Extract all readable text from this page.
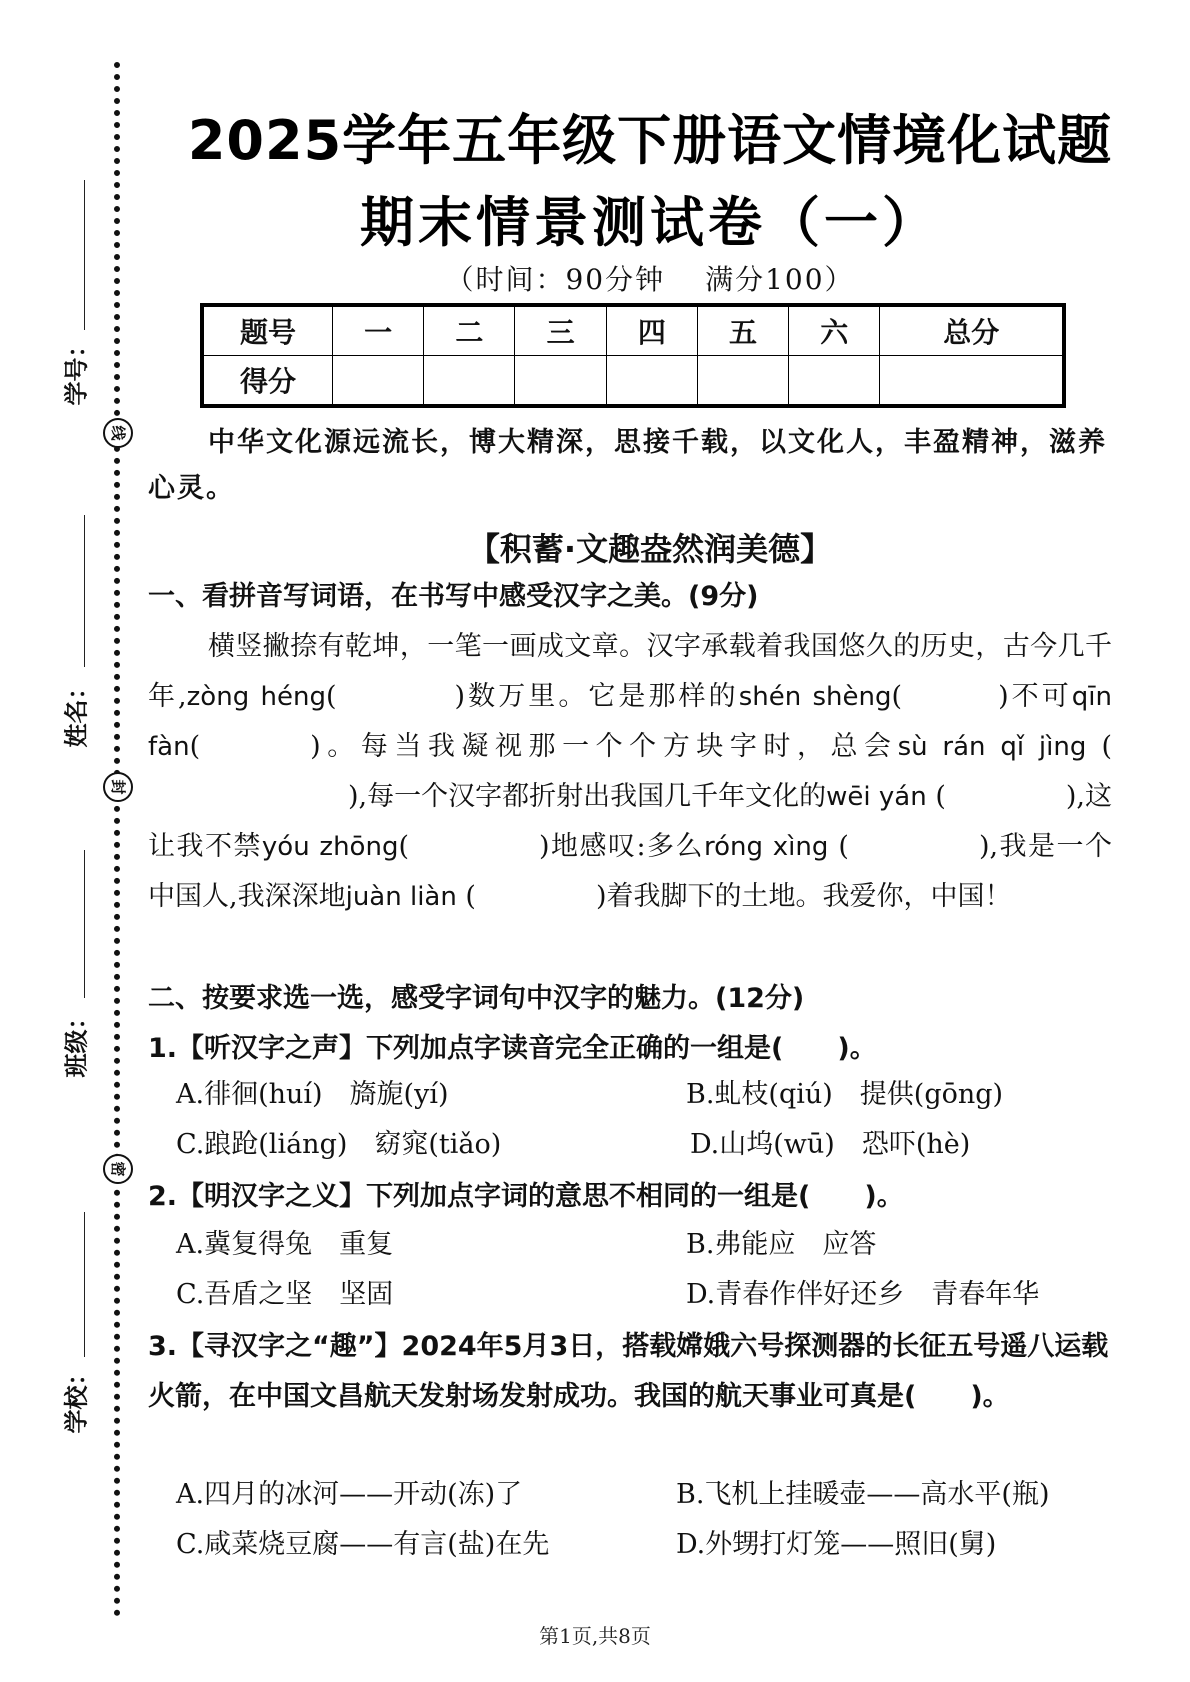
线
封
密
学号：
姓名：
班级：
学校：
2025学年五年级下册语文情境化试题
期末情景测试卷（一）
（时间：90分钟 满分100）
题号	一	二	三	四	五	六	总分
得分							
中华文化源远流长，博大精深，思接千载，以文化人，丰盈精神，滋养心灵。
【积蓄·文趣盎然润美德】
一、看拼音写词语，在书写中感受汉字之美。(9分)
横竖撇捺有乾坤，一笔一画成文章。汉字承载着我国悠久的历史，古今几千年,zòng héng(	)数万里。它是那样的shén shèng(	)不可qīn fàn(	)。每当我凝视那一个个方块字时，总会sù rán qǐ jìng (),每一个汉字都折射出我国几千年文化的wēi yán (	),这让我不禁yóu zhōng(	)地感叹:多么róng xìng (	),我是一个中国人,我深深地juàn liàn (	)着我脚下的土地。我爱你，中国！
二、按要求选一选，感受字词句中汉字的魅力。(12分)
1.【听汉字之声】下列加点字读音完全正确的一组是(　　)。
A.徘徊(huí)　旖旎(yí)	B.虬枝(qiú)　提供(gōng)
C.踉跄(liáng)　窈窕(tiǎo)	D.山坞(wū)　恐吓(hè)
2.【明汉字之义】下列加点字词的意思不相同的一组是(　　)。
A.冀复得兔　重复	B.弗能应　应答
C.吾盾之坚　坚固	D.青春作伴好还乡　青春年华
3.【寻汉字之“趣”】2024年5月3日，搭载嫦娥六号探测器的长征五号遥八运载火箭，在中国文昌航天发射场发射成功。我国的航天事业可真是(　　)。
A.四月的冰河——开动(冻)了	B.飞机上挂暖壶——高水平(瓶)
C.咸菜烧豆腐——有言(盐)在先	D.外甥打灯笼——照旧(舅)
第1页,共8页
